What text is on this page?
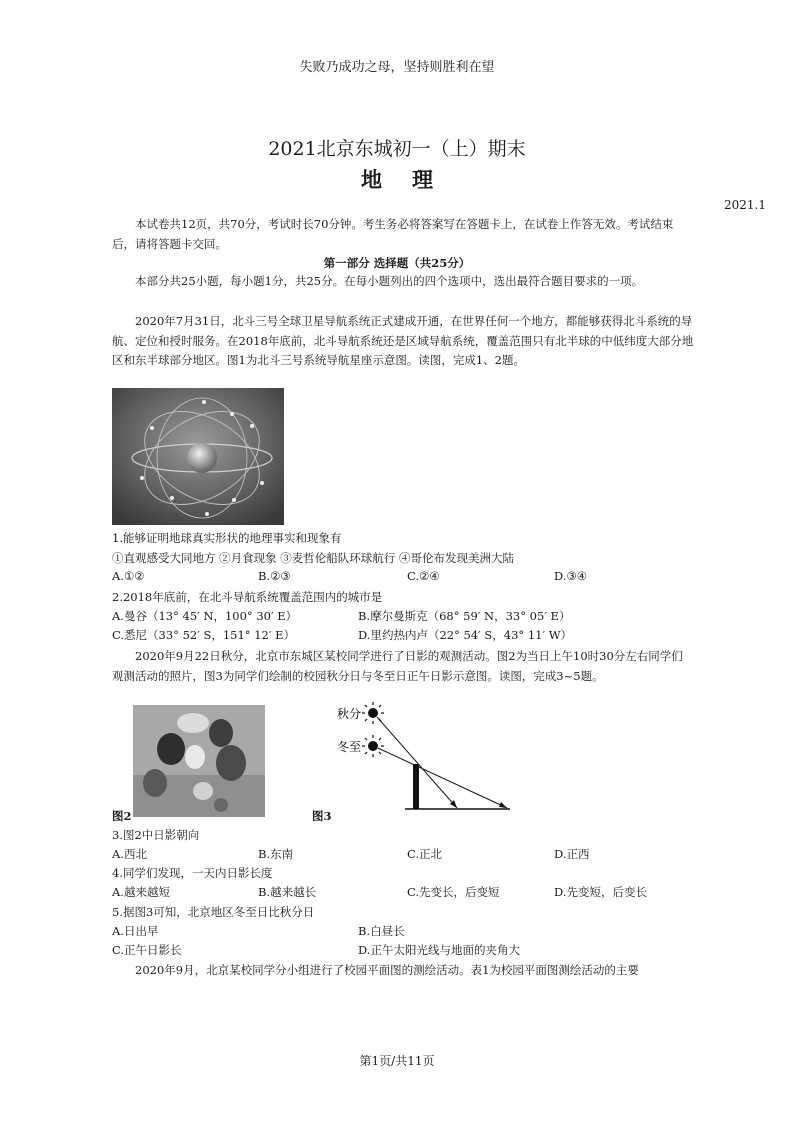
失败乃成功之母，坚持则胜利在望
2021北京东城初一（上）期末
地理
2021.1
本试卷共12页，共70分，考试时长70分钟。考生务必将答案写在答题卡上，在试卷上作答无效。考试结束后，请将答题卡交回。
第一部分 选择题（共25分）
本部分共25小题，每小题1分，共25分。在每小题列出的四个选项中，选出最符合题目要求的一项。
2020年7月31日，北斗三号全球卫星导航系统正式建成开通，在世界任何一个地方，都能够获得北斗系统的导航、定位和授时服务。在2018年底前，北斗导航系统还是区域导航系统，覆盖范围只有北半球的中低纬度大部分地区和东半球部分地区。图1为北斗三号系统导航星座示意图。读图，完成1、2题。
1.能够证明地球真实形状的地理事实和现象有
①直观感受大同地方 ②月食现象 ③麦哲伦船队环球航行 ④哥伦布发现美洲大陆
A.①②	B.②③	C.②④	D.③④
2.2018年底前，在北斗导航系统覆盖范围内的城市是
A.曼谷（13° 45′ N，100° 30′ E）	B.摩尔曼斯克（68° 59′ N，33° 05′ E）
C.悉尼（33° 52′ S，151° 12′ E）	D.里约热内卢（22° 54′ S，43° 11′ W）
2020年9月22日秋分，北京市东城区某校同学进行了日影的观测活动。图2为当日上午10时30分左右同学们观测活动的照片，图3为同学们绘制的校园秋分日与冬至日正午日影示意图。读图，完成3~5题。
图2
秋分
冬至
图3
3.图2中日影朝向
A.西北	B.东南	C.正北	D.正西
4.同学们发现，一天内日影长度
A.越来越短	B.越来越长	C.先变长，后变短	D.先变短，后变长
5.据图3可知，北京地区冬至日比秋分日
A.日出早	B.白昼长
C.正午日影长	D.正午太阳光线与地面的夹角大
2020年9月，北京某校同学分小组进行了校园平面图的测绘活动。表1为校园平面图测绘活动的主要
第1页/共11页
